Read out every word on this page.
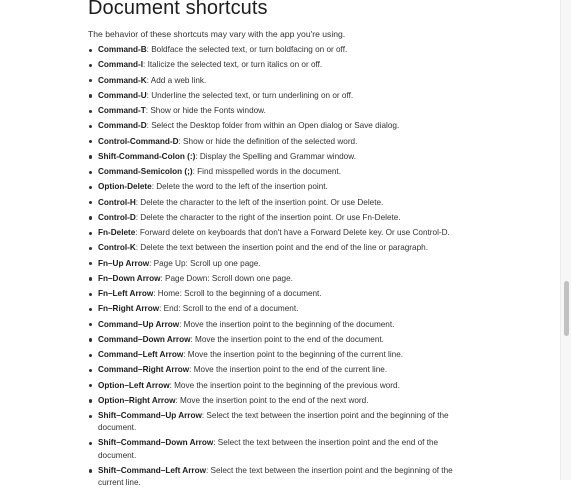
Document shortcuts
The behavior of these shortcuts may vary with the app you're using.
Command-B: Boldface the selected text, or turn boldfacing on or off.
Command-I: Italicize the selected text, or turn italics on or off.
Command-K: Add a web link.
Command-U: Underline the selected text, or turn underlining on or off.
Command-T: Show or hide the Fonts window.
Command-D: Select the Desktop folder from within an Open dialog or Save dialog.
Control-Command-D: Show or hide the definition of the selected word.
Shift-Command-Colon (:): Display the Spelling and Grammar window.
Command-Semicolon (;): Find misspelled words in the document.
Option-Delete: Delete the word to the left of the insertion point.
Control-H: Delete the character to the left of the insertion point. Or use Delete.
Control-D: Delete the character to the right of the insertion point. Or use Fn-Delete.
Fn-Delete: Forward delete on keyboards that don't have a Forward Delete key. Or use Control-D.
Control-K: Delete the text between the insertion point and the end of the line or paragraph.
Fn–Up Arrow: Page Up: Scroll up one page.
Fn–Down Arrow: Page Down: Scroll down one page.
Fn–Left Arrow: Home: Scroll to the beginning of a document.
Fn–Right Arrow: End: Scroll to the end of a document.
Command–Up Arrow: Move the insertion point to the beginning of the document.
Command–Down Arrow: Move the insertion point to the end of the document.
Command–Left Arrow: Move the insertion point to the beginning of the current line.
Command–Right Arrow: Move the insertion point to the end of the current line.
Option–Left Arrow: Move the insertion point to the beginning of the previous word.
Option–Right Arrow: Move the insertion point to the end of the next word.
Shift–Command–Up Arrow: Select the text between the insertion point and the beginning of the document.
Shift–Command–Down Arrow: Select the text between the insertion point and the end of the document.
Shift–Command–Left Arrow: Select the text between the insertion point and the beginning of the current line.
